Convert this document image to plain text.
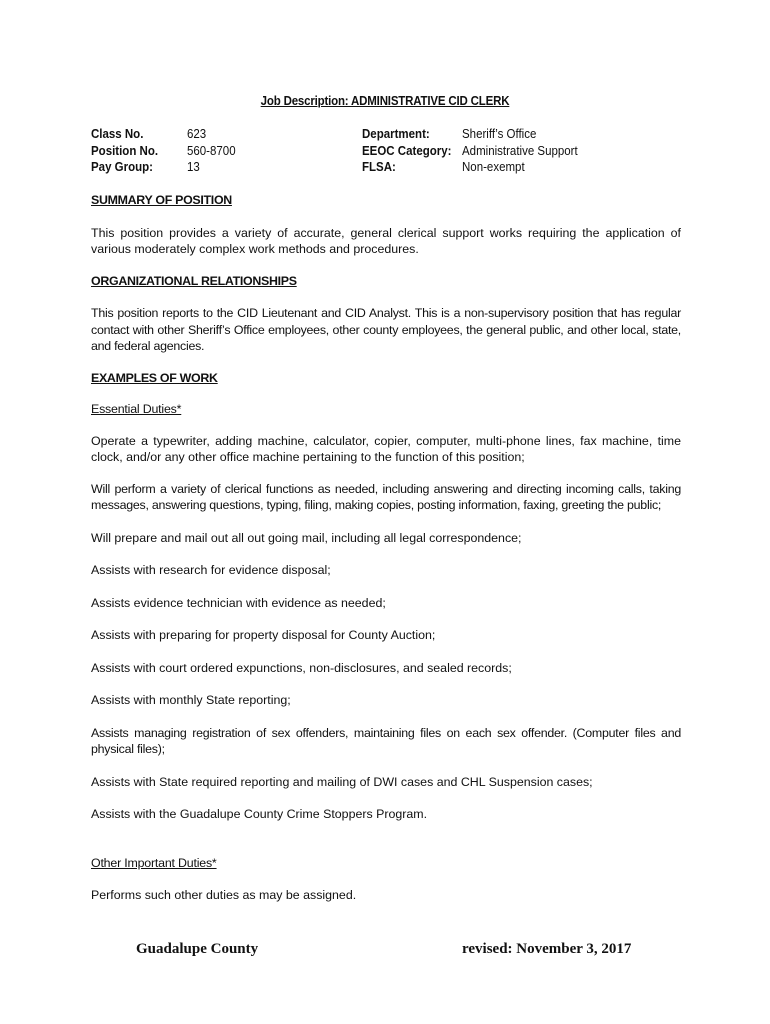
Job Description: ADMINISTRATIVE CID CLERK
Class No.	623	Department:	Sheriff’s Office
Position No. 560-8700	EEOC Category: Administrative Support
Pay Group:	13	FLSA:	Non-exempt

SUMMARY OF POSITION

This position provides a variety of accurate, general clerical support works requiring the application of various moderately complex work methods and procedures.

ORGANIZATIONAL RELATIONSHIPS

This position reports to the CID Lieutenant and CID Analyst. This is a non-supervisory position that has regular contact with other Sheriff’s Office employees, other county employees, the general public, and other local, state, and federal agencies.

EXAMPLES OF WORK

Essential Duties*

Operate a typewriter, adding machine, calculator, copier, computer, multi-phone lines, fax machine, time clock, and/or any other office machine pertaining to the function of this position;

Will perform a variety of clerical functions as needed, including answering and directing incoming calls, taking messages, answering questions, typing, filing, making copies, posting information, faxing, greeting the public;

Will prepare and mail out all out going mail, including all legal correspondence;

Assists with research for evidence disposal;

Assists evidence technician with evidence as needed;

Assists with preparing for property disposal for County Auction;

Assists with court ordered expunctions, non-disclosures, and sealed records;

Assists with monthly State reporting;

Assists managing registration of sex offenders, maintaining files on each sex offender. (Computer files and physical files);

Assists with State required reporting and mailing of DWI cases and CHL Suspension cases;

Assists with the Guadalupe County Crime Stoppers Program.

Other Important Duties*

Performs such other duties as may be assigned.

Guadalupe County	revised: November 3, 2017
